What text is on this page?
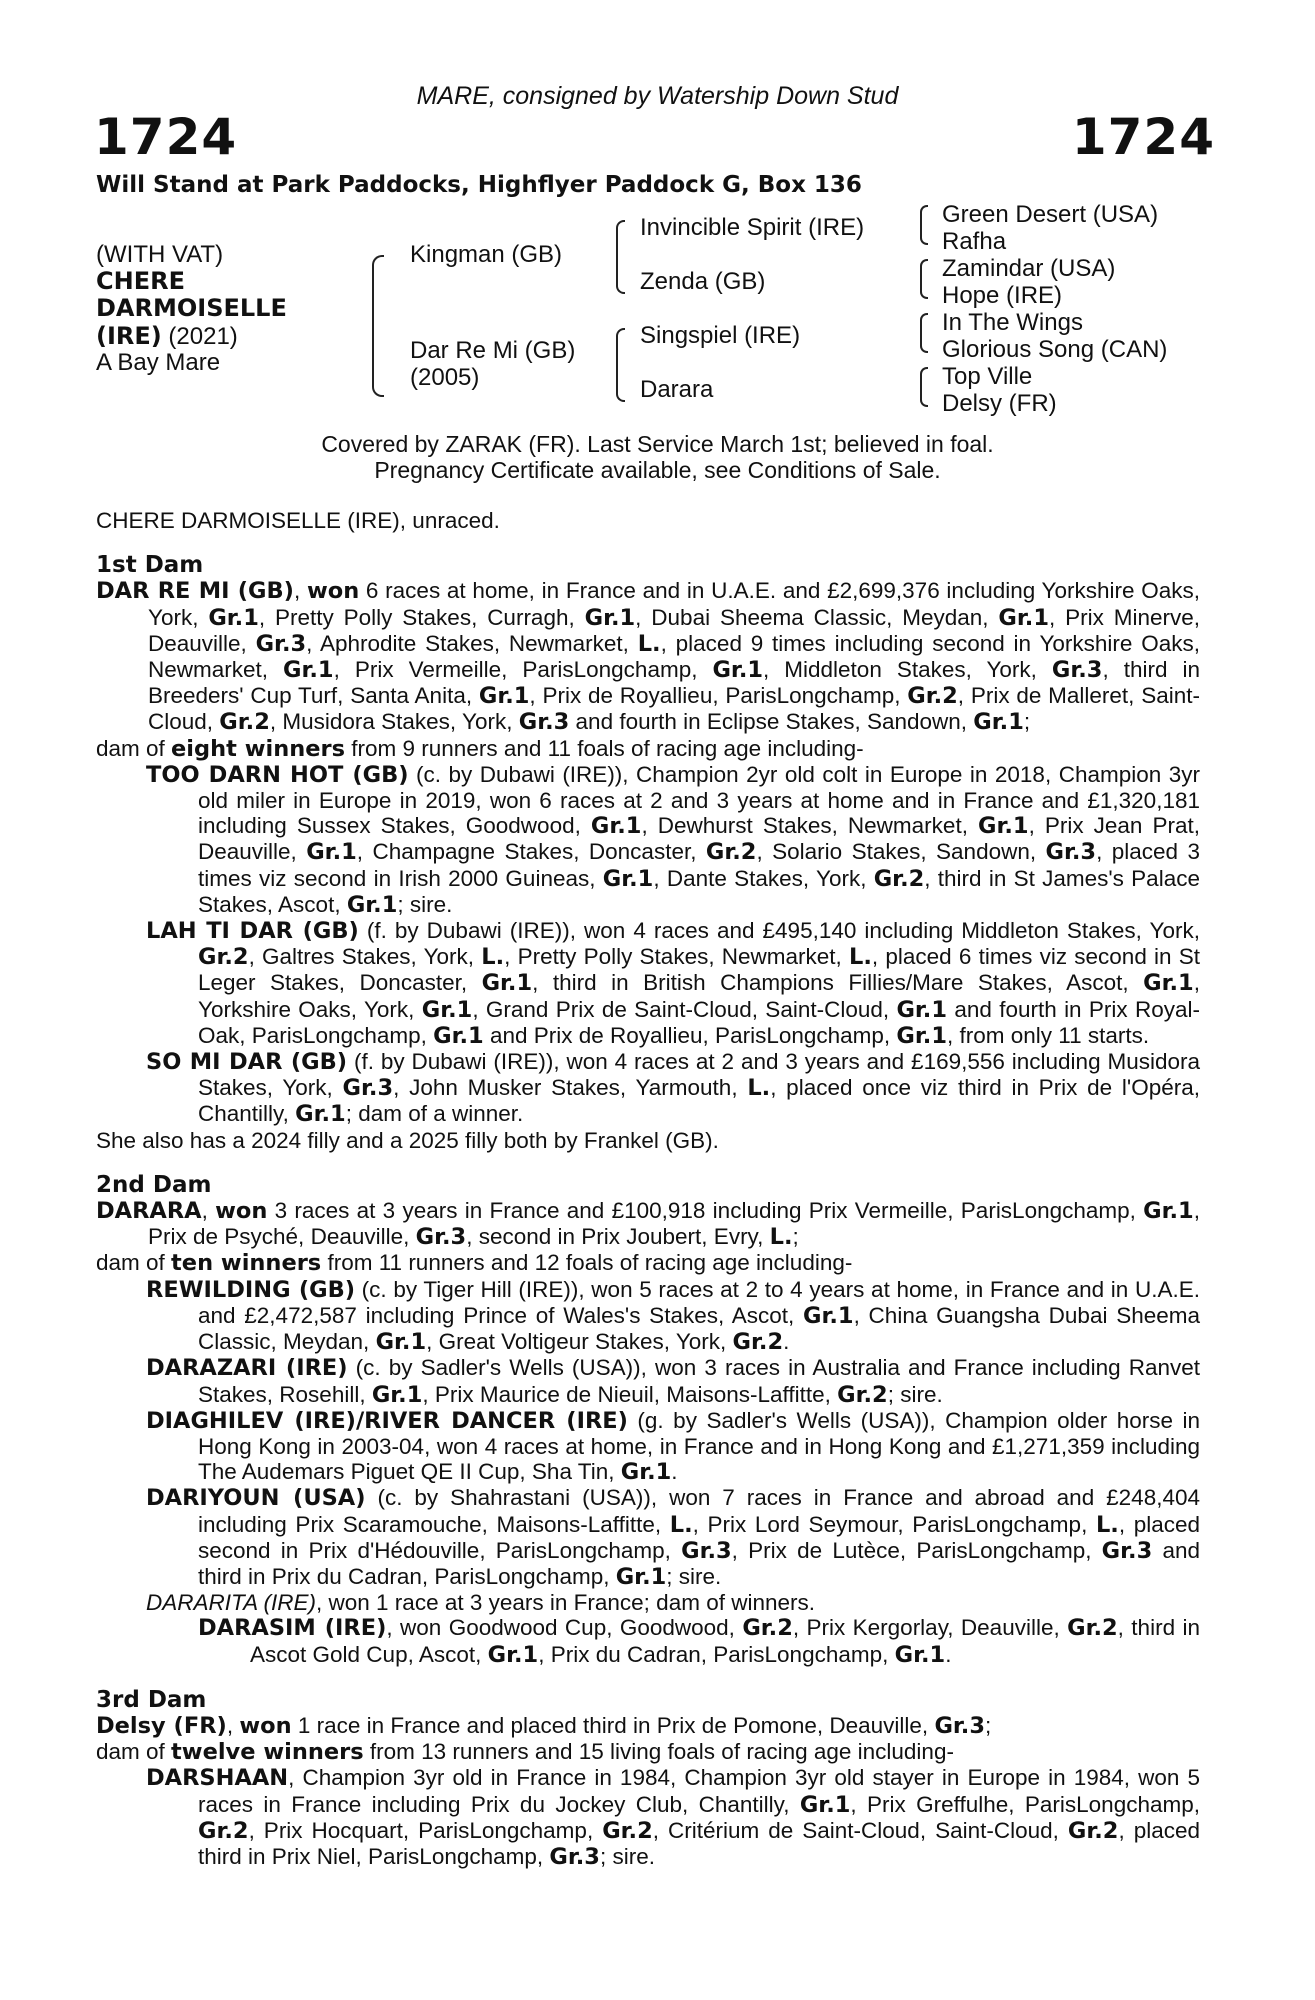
MARE, consigned by Watership Down Stud
1724	1724
Will Stand at Park Paddocks, Highflyer Paddock G, Box 136
(WITH VAT)
CHERE
DARMOISELLE
(IRE) (2021)
A Bay Mare
Kingman (GB)
Dar Re Mi (GB)
(2005)
Invincible Spirit (IRE)
Zenda (GB)
Singspiel (IRE)
Darara
Green Desert (USA)
Rafha
Zamindar (USA)
Hope (IRE)
In The Wings
Glorious Song (CAN)
Top Ville
Delsy (FR)
Covered by ZARAK (FR). Last Service March 1st; believed in foal.
Pregnancy Certificate available, see Conditions of Sale.

CHERE DARMOISELLE (IRE), unraced.

1st Dam

DAR RE MI (GB), won 6 races at home, in France and in U.A.E. and £2,699,376 including Yorkshire Oaks, York, Gr.1, Pretty Polly Stakes, Curragh, Gr.1, Dubai Sheema Classic, Meydan, Gr.1, Prix Minerve, Deauville, Gr.3, Aphrodite Stakes, Newmarket, L., placed 9 times including second in Yorkshire Oaks, Newmarket, Gr.1, Prix Vermeille, ParisLongchamp, Gr.1, Middleton Stakes, York, Gr.3, third in Breeders' Cup Turf, Santa Anita, Gr.1, Prix de Royallieu, ParisLongchamp, Gr.2, Prix de Malleret, Saint-Cloud, Gr.2, Musidora Stakes, York, Gr.3 and fourth in Eclipse Stakes, Sandown, Gr.1;

dam of eight winners from 9 runners and 11 foals of racing age including-

TOO DARN HOT (GB) (c. by Dubawi (IRE)), Champion 2yr old colt in Europe in 2018, Champion 3yr old miler in Europe in 2019, won 6 races at 2 and 3 years at home and in France and £1,320,181 including Sussex Stakes, Goodwood, Gr.1, Dewhurst Stakes, Newmarket, Gr.1, Prix Jean Prat, Deauville, Gr.1, Champagne Stakes, Doncaster, Gr.2, Solario Stakes, Sandown, Gr.3, placed 3 times viz second in Irish 2000 Guineas, Gr.1, Dante Stakes, York, Gr.2, third in St James's Palace Stakes, Ascot, Gr.1; sire.

LAH TI DAR (GB) (f. by Dubawi (IRE)), won 4 races and £495,140 including Middleton Stakes, York, Gr.2, Galtres Stakes, York, L., Pretty Polly Stakes, Newmarket, L., placed 6 times viz second in St Leger Stakes, Doncaster, Gr.1, third in British Champions Fillies/Mare Stakes, Ascot, Gr.1, Yorkshire Oaks, York, Gr.1, Grand Prix de Saint-Cloud, Saint-Cloud, Gr.1 and fourth in Prix Royal-Oak, ParisLongchamp, Gr.1 and Prix de Royallieu, ParisLongchamp, Gr.1, from only 11 starts.

SO MI DAR (GB) (f. by Dubawi (IRE)), won 4 races at 2 and 3 years and £169,556 including Musidora Stakes, York, Gr.3, John Musker Stakes, Yarmouth, L., placed once viz third in Prix de l'Opéra, Chantilly, Gr.1; dam of a winner.

She also has a 2024 filly and a 2025 filly both by Frankel (GB).

2nd Dam

DARARA, won 3 races at 3 years in France and £100,918 including Prix Vermeille, ParisLongchamp, Gr.1, Prix de Psyché, Deauville, Gr.3, second in Prix Joubert, Evry, L.;

dam of ten winners from 11 runners and 12 foals of racing age including-

REWILDING (GB) (c. by Tiger Hill (IRE)), won 5 races at 2 to 4 years at home, in France and in U.A.E. and £2,472,587 including Prince of Wales's Stakes, Ascot, Gr.1, China Guangsha Dubai Sheema Classic, Meydan, Gr.1, Great Voltigeur Stakes, York, Gr.2.

DARAZARI (IRE) (c. by Sadler's Wells (USA)), won 3 races in Australia and France including Ranvet Stakes, Rosehill, Gr.1, Prix Maurice de Nieuil, Maisons-Laffitte, Gr.2; sire.

DIAGHILEV (IRE)/RIVER DANCER (IRE) (g. by Sadler's Wells (USA)), Champion older horse in Hong Kong in 2003-04, won 4 races at home, in France and in Hong Kong and £1,271,359 including The Audemars Piguet QE II Cup, Sha Tin, Gr.1.

DARIYOUN (USA) (c. by Shahrastani (USA)), won 7 races in France and abroad and £248,404 including Prix Scaramouche, Maisons-Laffitte, L., Prix Lord Seymour, ParisLongchamp, L., placed second in Prix d'Hédouville, ParisLongchamp, Gr.3, Prix de Lutèce, ParisLongchamp, Gr.3 and third in Prix du Cadran, ParisLongchamp, Gr.1; sire.

DARARITA (IRE), won 1 race at 3 years in France; dam of winners.

DARASIM (IRE), won Goodwood Cup, Goodwood, Gr.2, Prix Kergorlay, Deauville, Gr.2, third in Ascot Gold Cup, Ascot, Gr.1, Prix du Cadran, ParisLongchamp, Gr.1.

3rd Dam

Delsy (FR), won 1 race in France and placed third in Prix de Pomone, Deauville, Gr.3;

dam of twelve winners from 13 runners and 15 living foals of racing age including-

DARSHAAN, Champion 3yr old in France in 1984, Champion 3yr old stayer in Europe in 1984, won 5 races in France including Prix du Jockey Club, Chantilly, Gr.1, Prix Greffulhe, ParisLongchamp, Gr.2, Prix Hocquart, ParisLongchamp, Gr.2, Critérium de Saint-Cloud, Saint-Cloud, Gr.2, placed third in Prix Niel, ParisLongchamp, Gr.3; sire.
